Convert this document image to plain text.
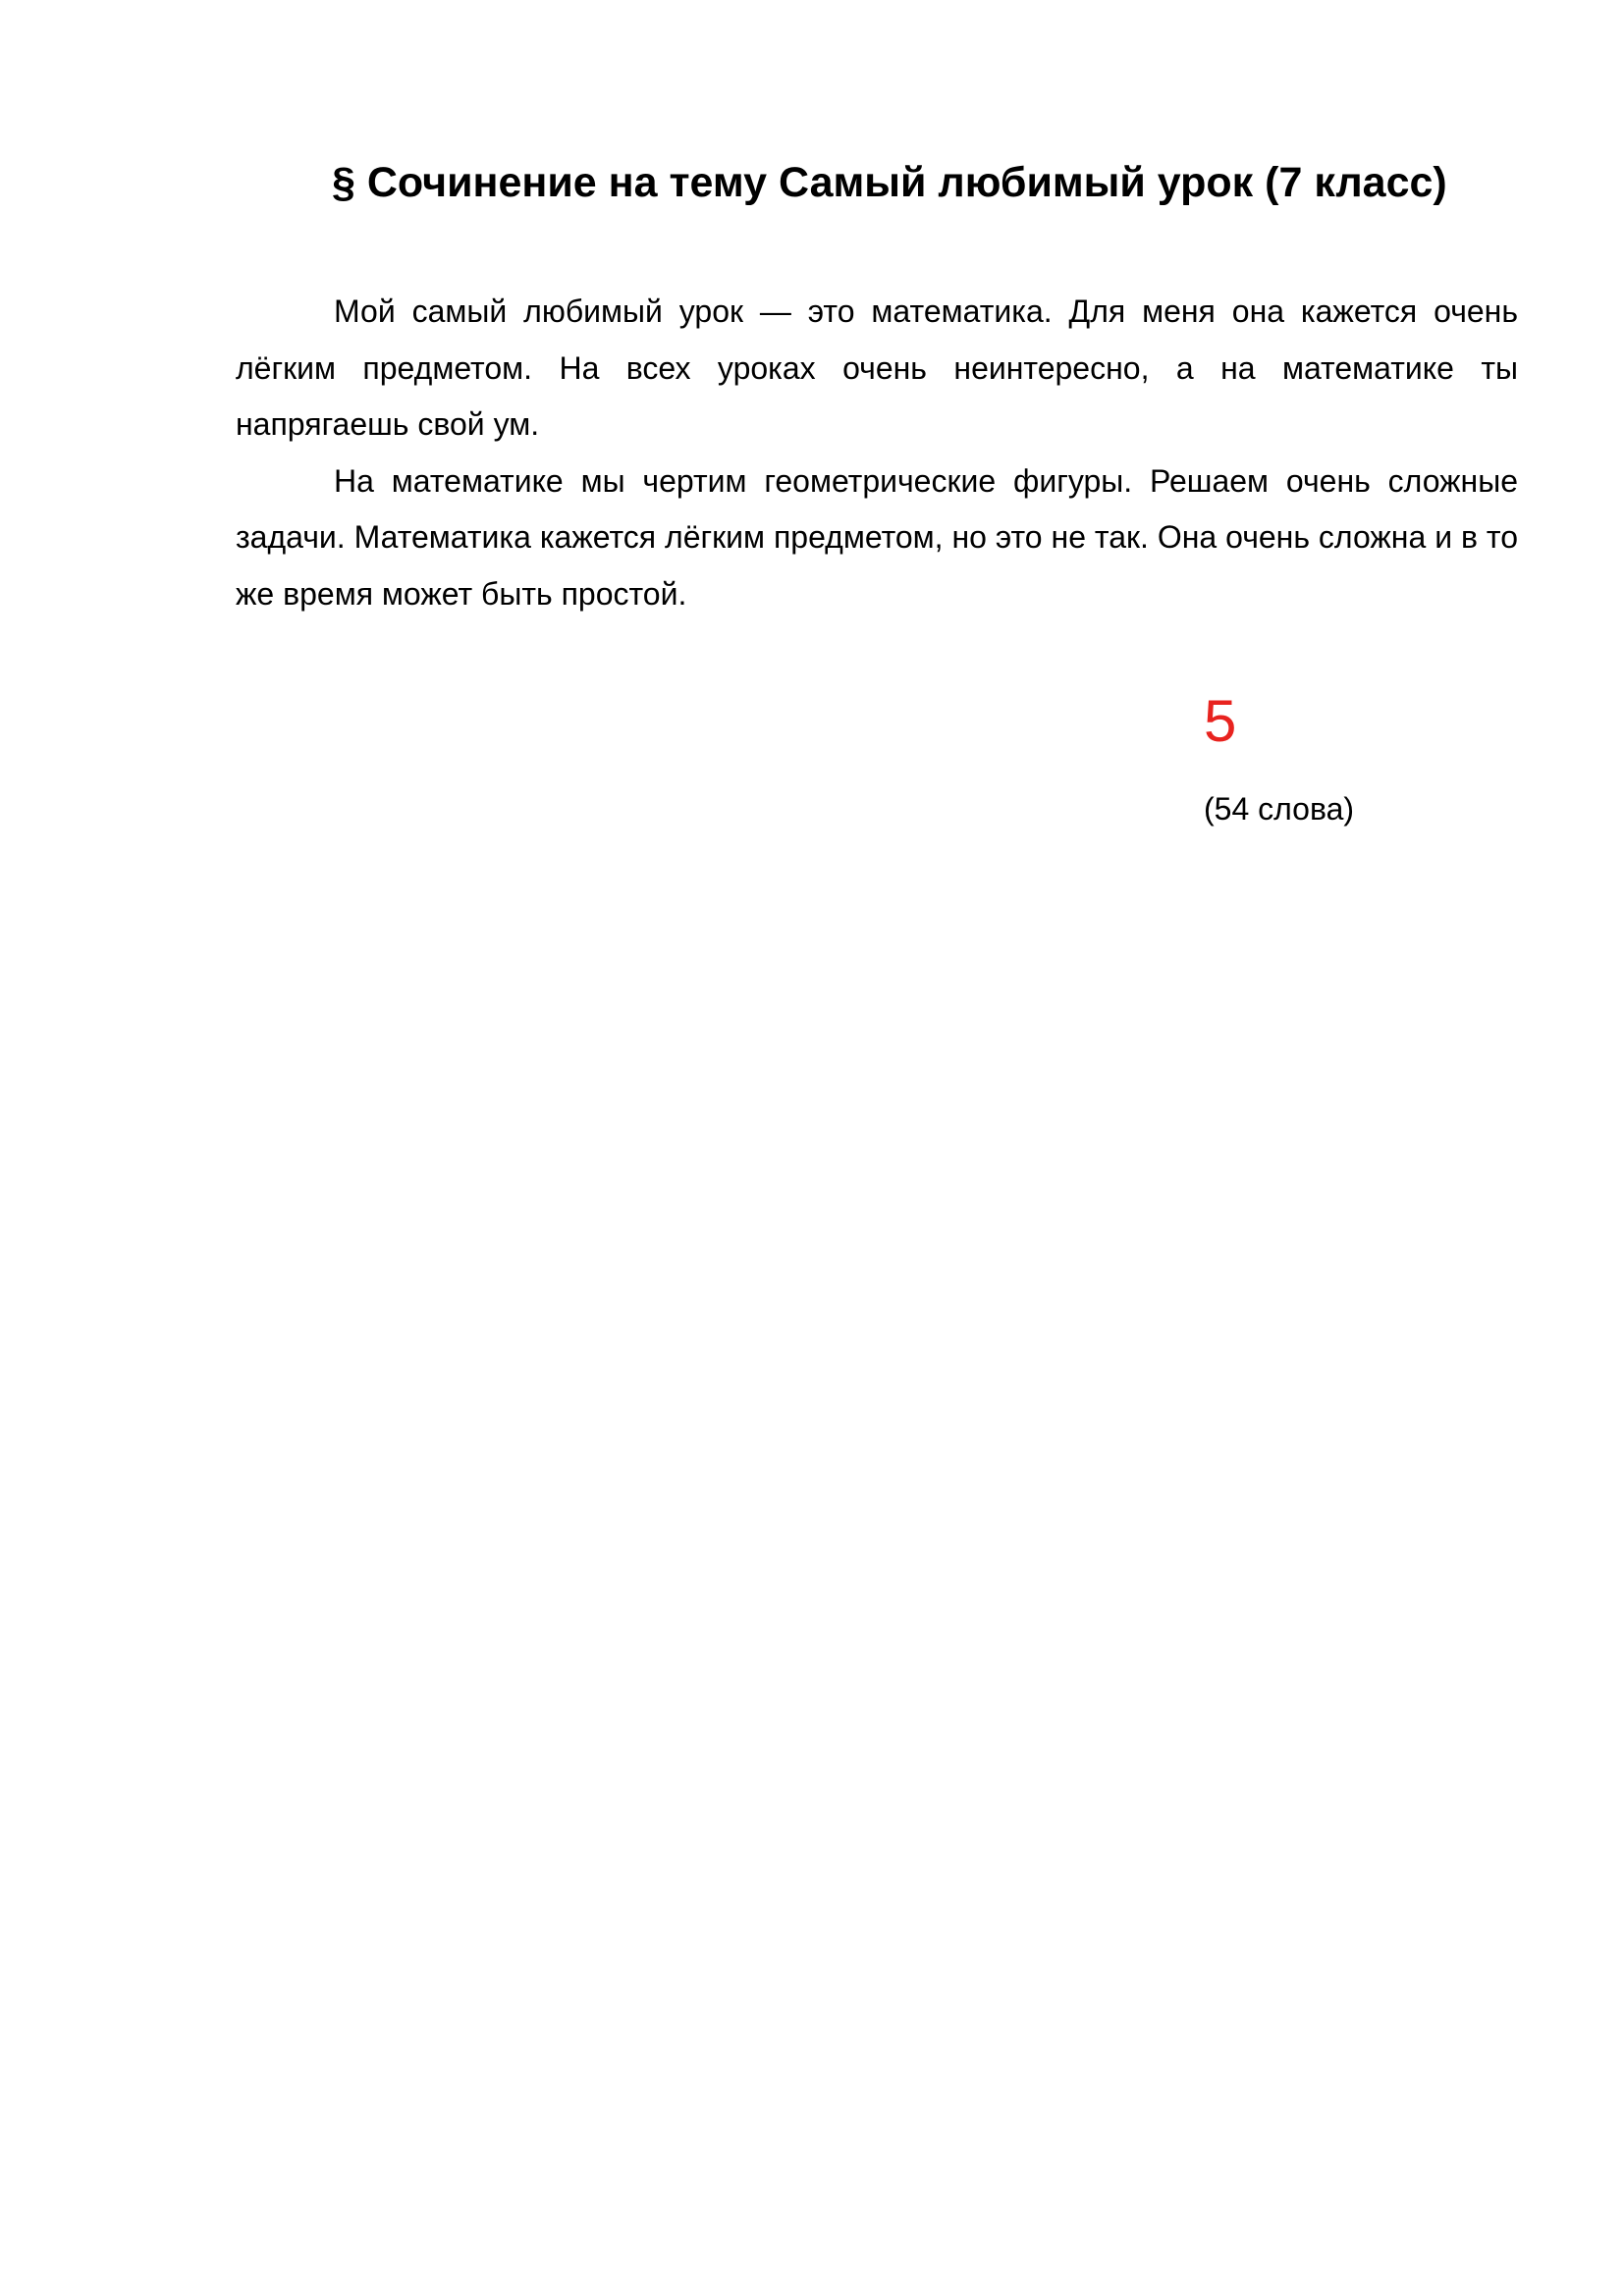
§ Сочинение на тему Самый любимый урок (7 класс)

Мой самый любимый урок — это математика. Для меня она кажется очень лёгким предметом. На всех уроках очень неинтересно, а на математике ты напрягаешь свой ум.

На математике мы чертим геометрические фигуры. Решаем очень сложные задачи. Математика кажется лёгким предметом, но это не так. Она очень сложна и в то же время может быть простой.

5
(54 слова)
